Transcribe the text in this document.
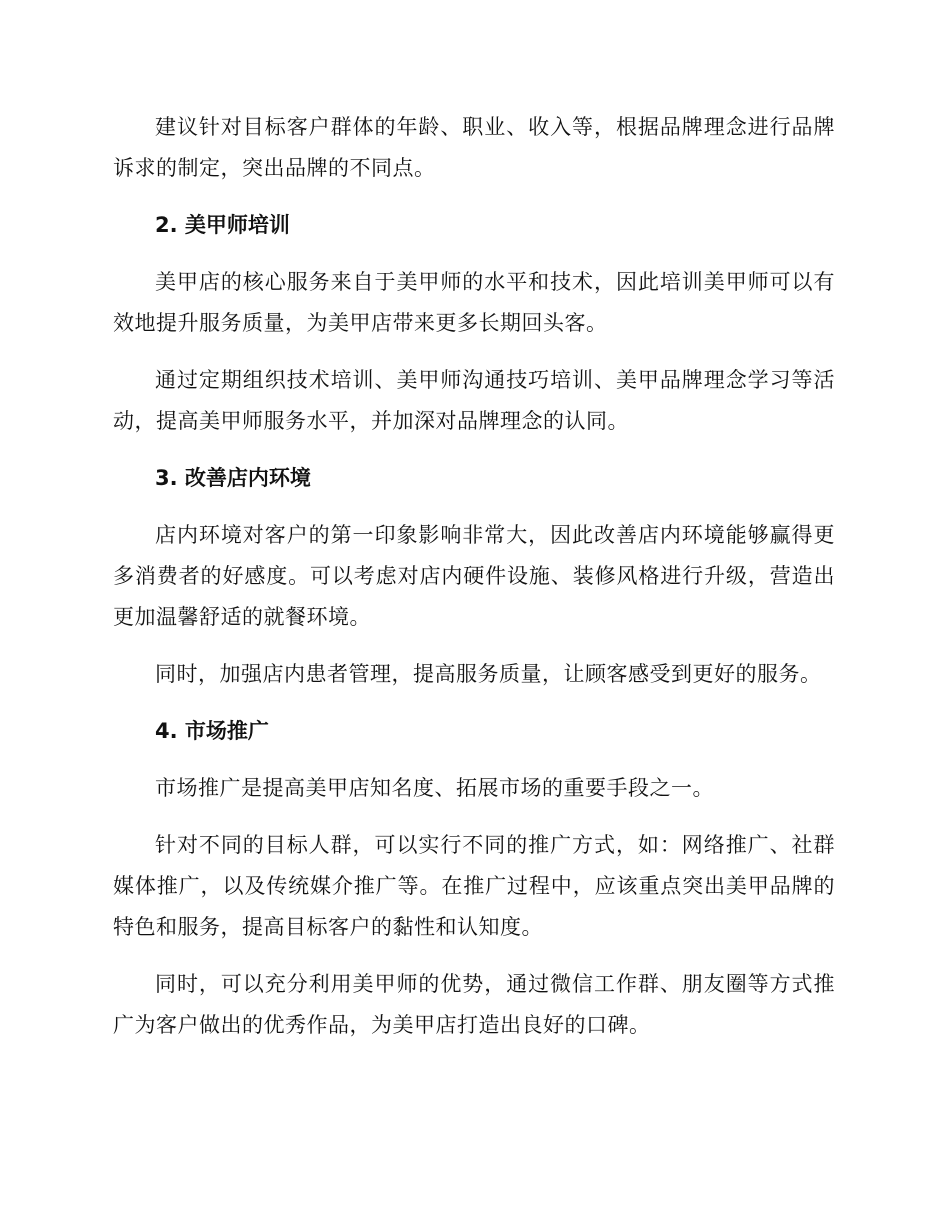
建议针对目标客户群体的年龄、职业、收入等，根据品牌理念进行品牌诉求的制定，突出品牌的不同点。

2. 美甲师培训

美甲店的核心服务来自于美甲师的水平和技术，因此培训美甲师可以有效地提升服务质量，为美甲店带来更多长期回头客。

通过定期组织技术培训、美甲师沟通技巧培训、美甲品牌理念学习等活动，提高美甲师服务水平，并加深对品牌理念的认同。

3. 改善店内环境

店内环境对客户的第一印象影响非常大，因此改善店内环境能够赢得更多消费者的好感度。可以考虑对店内硬件设施、装修风格进行升级，营造出更加温馨舒适的就餐环境。

同时，加强店内患者管理，提高服务质量，让顾客感受到更好的服务。

4. 市场推广

市场推广是提高美甲店知名度、拓展市场的重要手段之一。

针对不同的目标人群，可以实行不同的推广方式，如：网络推广、社群媒体推广，以及传统媒介推广等。在推广过程中，应该重点突出美甲品牌的特色和服务，提高目标客户的黏性和认知度。

同时，可以充分利用美甲师的优势，通过微信工作群、朋友圈等方式推广为客户做出的优秀作品，为美甲店打造出良好的口碑。
